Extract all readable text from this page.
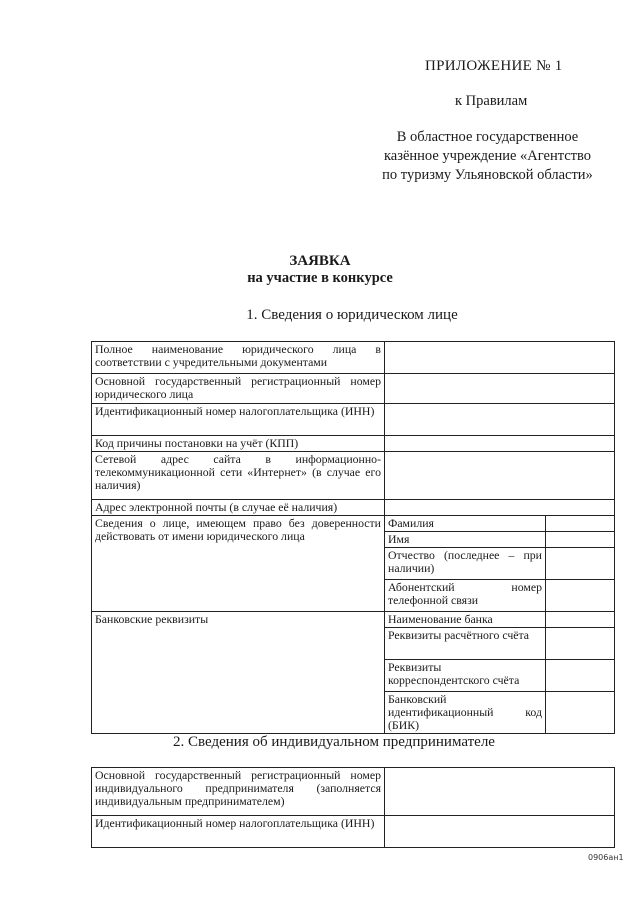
ПРИЛОЖЕНИЕ № 1
к Правилам
В областное государственное
казённое учреждение «Агентство
по туризму Ульяновской области»
ЗАЯВКА
на участие в конкурсе
1. Сведения о юридическом лице
Полное наименование юридического лица в соответствии с учредительными документами		
Основной государственный регистрационный номер юридического лица		
Идентификационный номер налогоплательщика (ИНН)		
Код причины постановки на учёт (КПП)		
Сетевой адрес сайта в информационно-телекоммуникационной сети «Интернет» (в случае его наличия)		
Адрес электронной почты (в случае её наличия)		
Сведения о лице, имеющем право без доверенности действовать от имени юридического лица	Фамилия	
	Имя	
	Отчество (последнее – при наличии)	
	Абонентский номер телефонной связи	
Банковские реквизиты	Наименование банка	
	Реквизиты расчётного счёта	
	Реквизиты корреспондентского счёта	
	Банковский идентификационный код (БИК)	
2. Сведения об индивидуальном предпринимателе
Основной государственный регистрационный номер индивидуального предпринимателя (заполняется индивидуальным предпринимателем)	
Идентификационный номер налогоплательщика (ИНН)	
0906ан1
